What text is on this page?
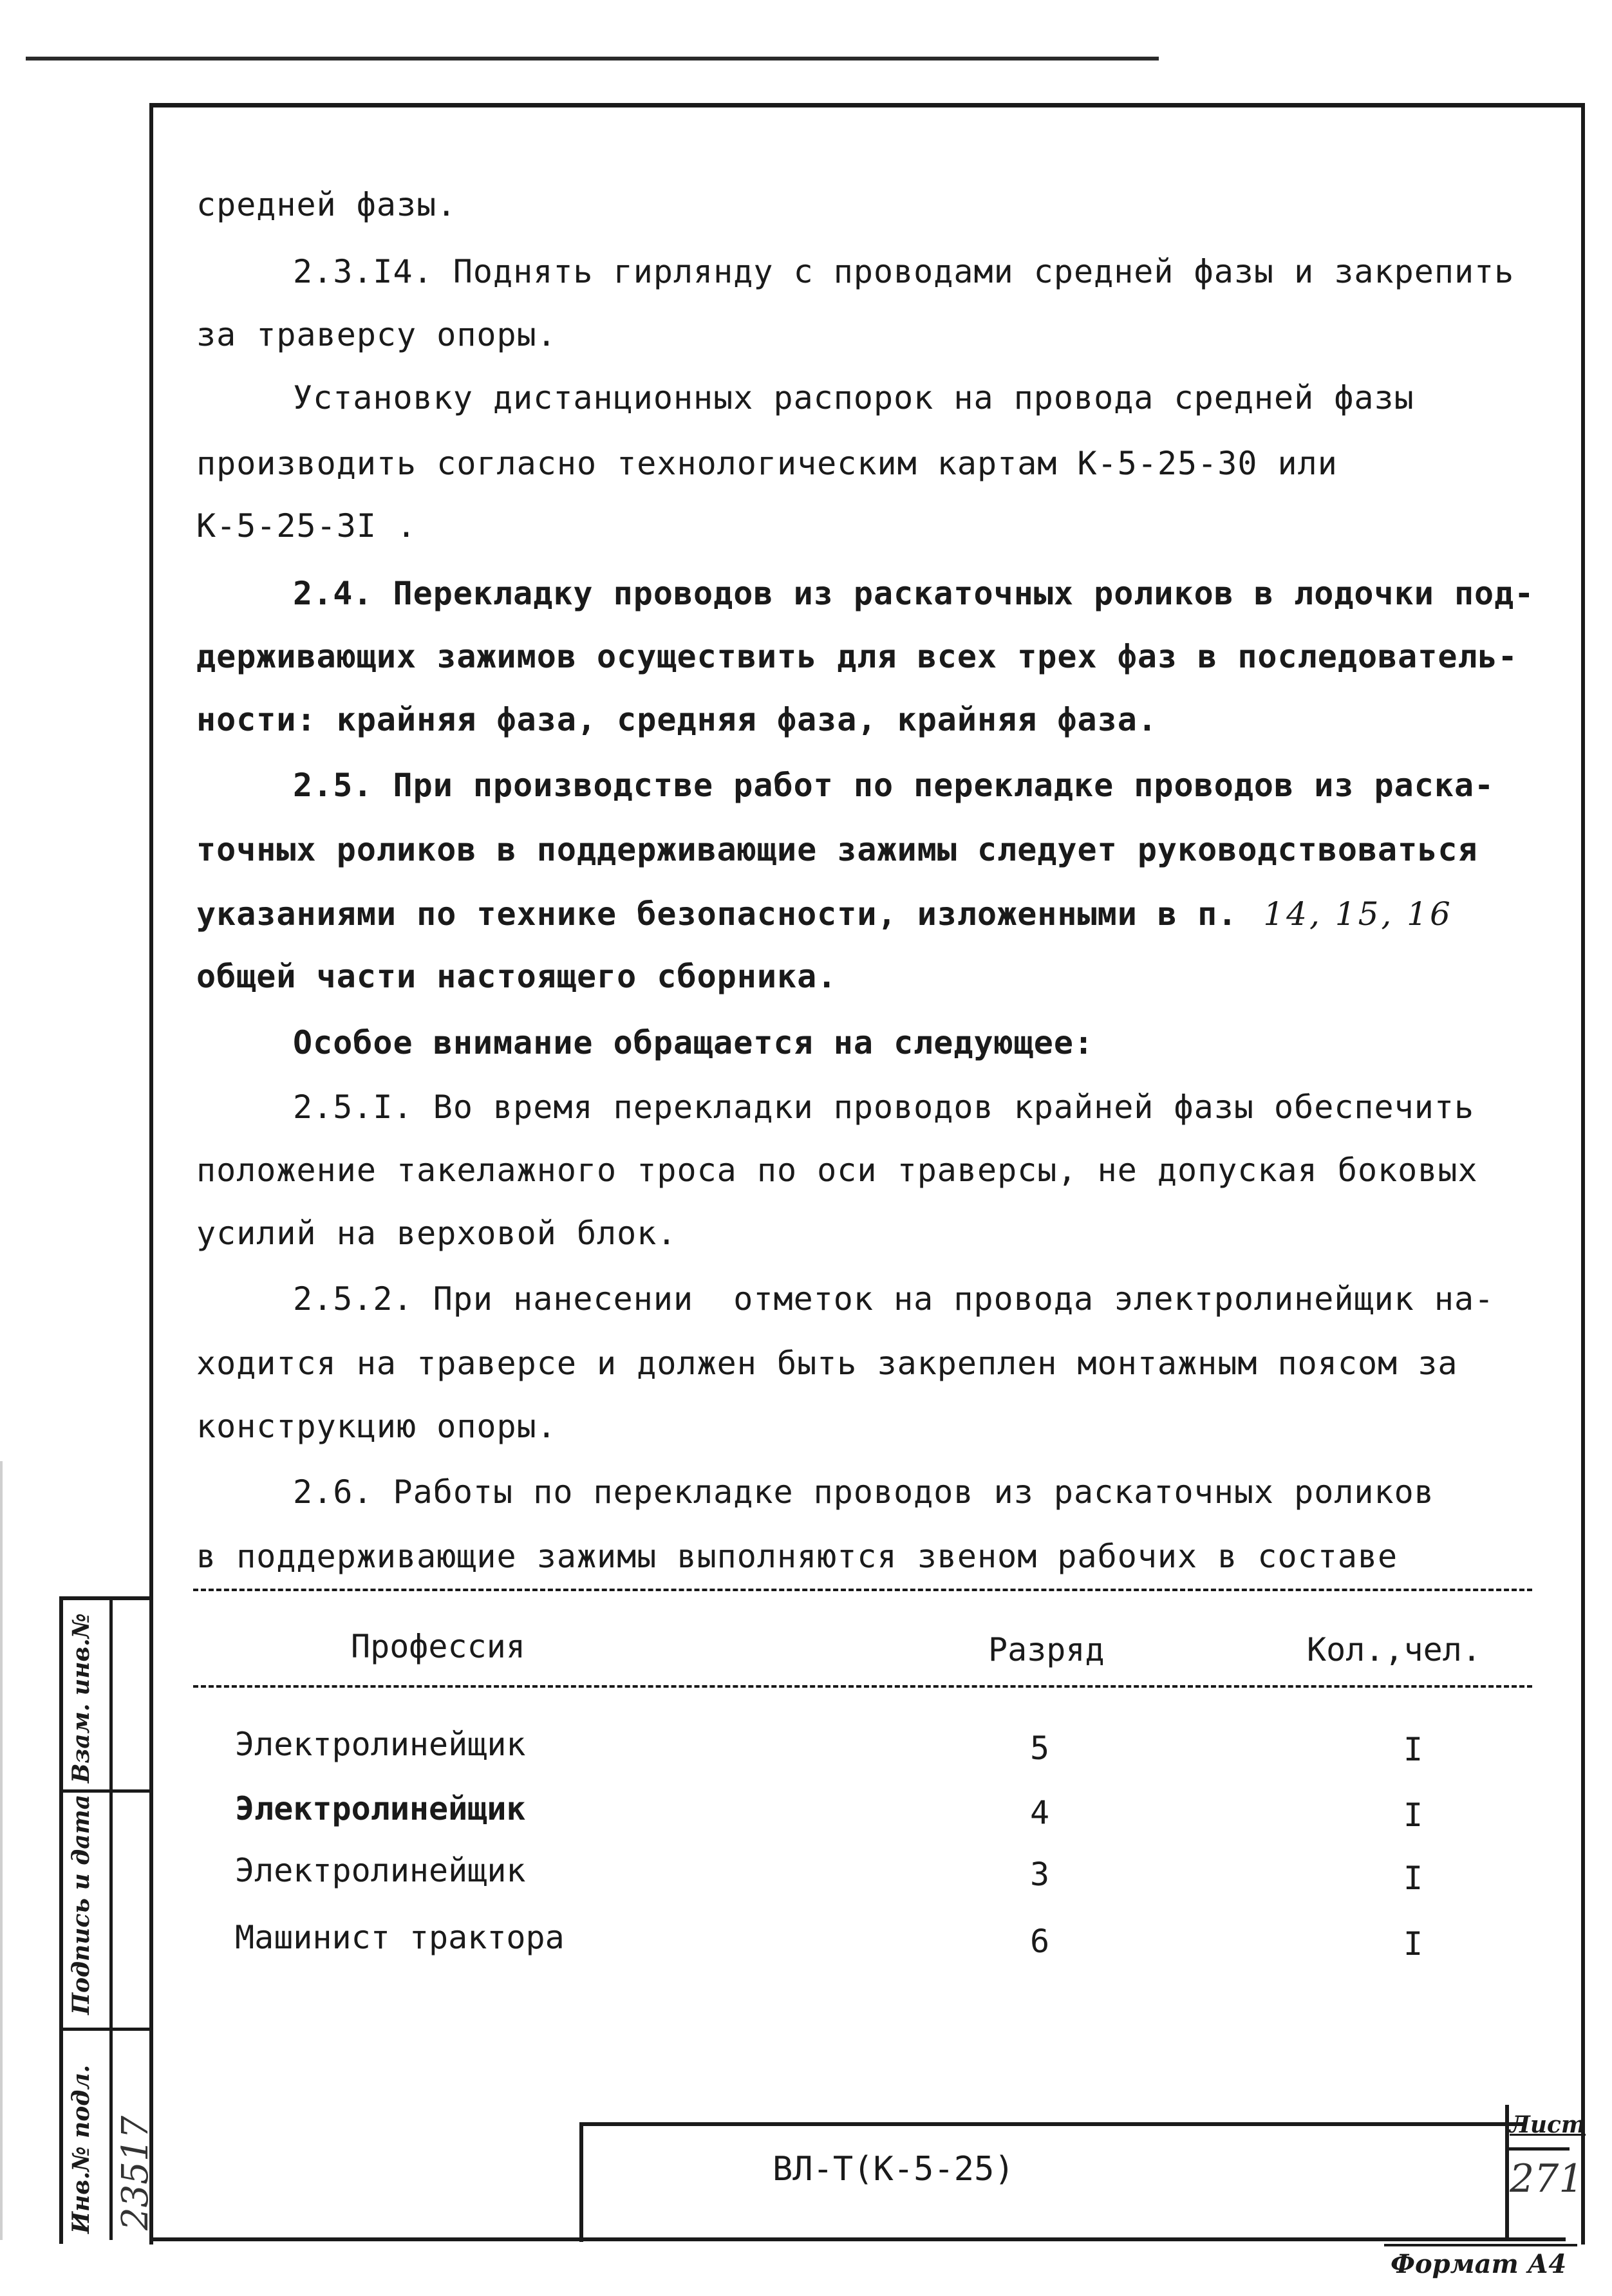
средней фазы.
2.3.I4. Поднять гирлянду с проводами средней фазы и закрепить
за траверсу опоры.
Установку дистанционных распорок на провода средней фазы
производить согласно технологическим картам К-5-25-30 или
К-5-25-3I .
2.4. Перекладку проводов из раскаточных роликов в лодочки под-
держивающих зажимов осуществить для всех трех фаз в последователь-
ности: крайняя фаза, средняя фаза, крайняя фаза.
2.5. При производстве работ по перекладке проводов из раска-
точных роликов в поддерживающие зажимы следует руководствоваться
указаниями по технике безопасности, изложенными в п. 14, 15, 16
общей части настоящего сборника.
Особое внимание обращается на следующее:
2.5.I. Во время перекладки проводов крайней фазы обеспечить
положение такелажного троса по оси траверсы, не допуская боковых
усилий на верховой блок.
2.5.2. При нанесении  отметок на провода электролинейщик на-
ходится на траверсе и должен быть закреплен монтажным поясом за
конструкцию опоры.
2.6. Работы по перекладке проводов из раскаточных роликов
в поддерживающие зажимы выполняются звеном рабочих в составе
Профессия	Разряд	Кол.,чел.
Электролинейщик	5	I
Электролинейщик	4	I
Электролинейщик	3	I
Машинист трактора	6	I
ВЛ-Т(К-5-25)
Лист
271
Формат А4
Взам. инв.№
Подпись и дата
Инв.№ подл. 23517
